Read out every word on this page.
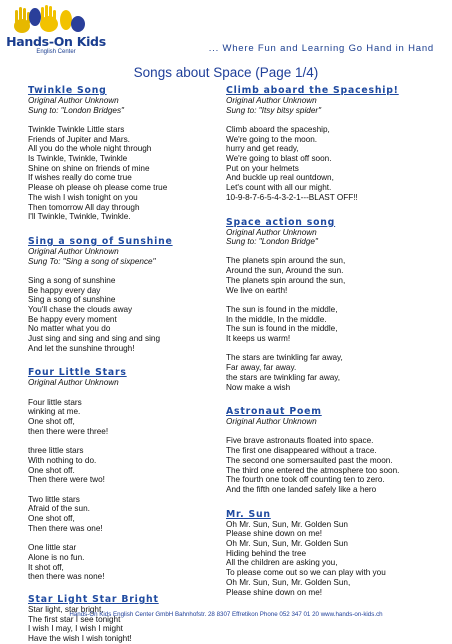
Hands-On Kids
English Center	... Where Fun and Learning Go Hand in Hand
Songs about Space (Page 1/4)
Twinkle Song
Original Author Unknown
Sung to: "London Bridges"
Twinkle Twinkle Little stars
Friends of Jupiter and Mars.
All you do the whole night through
Is Twinkle, Twinkle, Twinkle
Shine on shine on friends of mine
If wishes really do come true
Please oh please oh please come true
The wish I wish tonight on you
Then tomorrow All day through
I'll Twinkle, Twinkle, Twinkle.
Sing a song of Sunshine
Original Author Unknown
Sung To: "Sing a song of sixpence"
Sing a song of sunshine
Be happy every day
Sing a song of sunshine
You'll chase the clouds away
Be happy every moment
No matter what you do
Just sing and sing and sing and sing
And let the sunshine through!
Four Little Stars
Original Author Unknown
Four little stars
winking at me.
One shot off,
then there were three!
three little stars
With nothing to do.
One shot off.
Then there were two!
Two little stars
Afraid of the sun.
One shot off,
Then there was one!
One little star
Alone is no fun.
It shot off,
then there was none!
Star Light Star Bright
Star light, star bright,
The first star I see tonight
I wish I may, I wish I might
Have the wish I wish tonight!
Climb aboard the Spaceship!
Original Author Unknown
Sung to: "Itsy bitsy spider"
Climb aboard the spaceship,
We're going to the moon.
hurry and get ready,
We're going to blast off soon.
Put on your helmets
And buckle up real ountdown,
Let's count with all our might.
10-9-8-7-6-5-4-3-2-1---BLAST OFF!!
Space action song
Original Author Unknown
Sung to: "London Bridge"
The planets spin around the sun,
Around the sun, Around the sun.
The planets spin around the sun,
We live on earth!
The sun is found in the middle,
In the middle, In the middle.
The sun is found in the middle,
It keeps us warm!
The stars are twinkling far away,
Far away, far away.
the stars are twinkling far away,
Now make a wish
Astronaut Poem
Original Author Unknown
Five brave astronauts floated into space.
The first one disappeared without a trace.
The second one somersaulted past the moon.
The third one entered the atmosphere too soon.
The fourth one took off counting ten to zero.
And the fifth one landed safely like a hero
Mr. Sun
Oh Mr. Sun, Sun, Mr. Golden Sun
Please shine down on me!
Oh Mr. Sun, Sun, Mr. Golden Sun
Hiding behind the tree
All the children are asking you,
To please come out so we can play with you
Oh Mr. Sun, Sun, Mr. Golden Sun,
Please shine down on me!
Hands-On Kids English Center GmbH Bahnhofstr. 28 8307 Effretikon Phone 052 347 01 20 www.hands-on-kids.ch
